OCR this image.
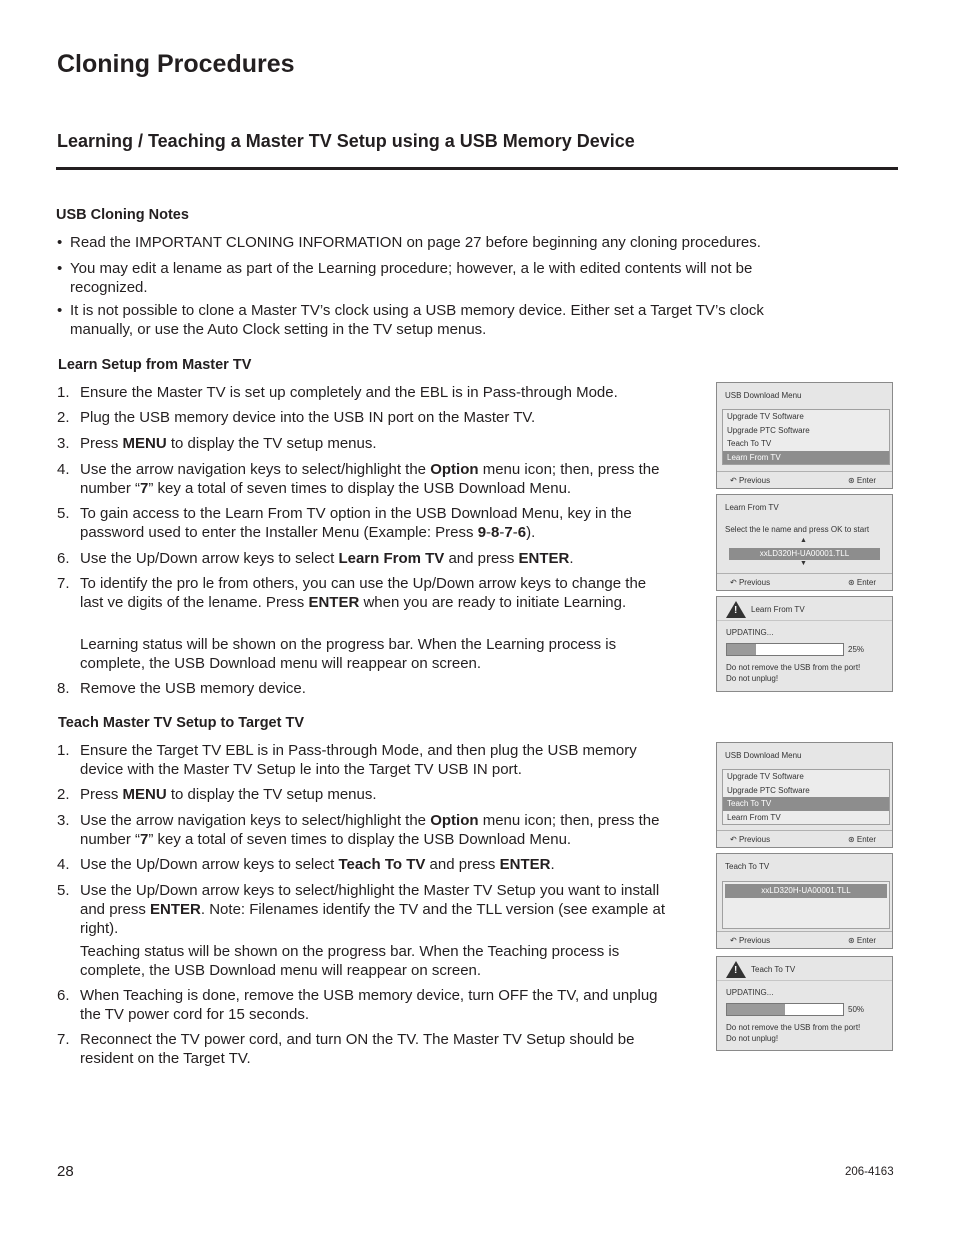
Cloning Procedures
Learning / Teaching a Master TV Setup using a USB Memory Device
USB Cloning Notes
• Read the IMPORTANT CLONING INFORMATION on page 27 before beginning any cloning procedures.
• You may edit a lename as part of the Learning procedure; however, a le with edited contents will not be recognized.
• It is not possible to clone a Master TV’s clock using a USB memory device. Either set a Target TV’s clock manually, or use the Auto Clock setting in the TV setup menus.
Learn Setup from Master TV
1. Ensure the Master TV is set up completely and the EBL is in Pass-through Mode.
2. Plug the USB memory device into the USB IN port on the Master TV.
3. Press MENU to display the TV setup menus.
4. Use the arrow navigation keys to select/highlight the Option menu icon; then, press the number “7” key a total of seven times to display the USB Download Menu.
5. To gain access to the Learn From TV option in the USB Download Menu, key in the password used to enter the Installer Menu (Example: Press 9-8-7-6).
6. Use the Up/Down arrow keys to select Learn From TV and press ENTER.
7. To identify the pro le from others, you can use the Up/Down arrow keys to change the last ve digits of the lename. Press ENTER when you are ready to initiate Learning.
Learning status will be shown on the progress bar. When the Learning process is complete, the USB Download menu will reappear on screen.
8. Remove the USB memory device.
Teach Master TV Setup to Target TV
1. Ensure the Target TV EBL is in Pass-through Mode, and then plug the USB memory device with the Master TV Setup le into the Target TV USB IN port.
2. Press MENU to display the TV setup menus.
3. Use the arrow navigation keys to select/highlight the Option menu icon; then, press the number “7” key a total of seven times to display the USB Download Menu.
4. Use the Up/Down arrow keys to select Teach To TV and press ENTER.
5. Use the Up/Down arrow keys to select/highlight the Master TV Setup you want to install and press ENTER. Note: Filenames identify the TV and the TLL version (see example at right).
Teaching status will be shown on the progress bar. When the Teaching process is complete, the USB Download menu will reappear on screen.
6. When Teaching is done, remove the USB memory device, turn OFF the TV, and unplug the TV power cord for 15 seconds.
7. Reconnect the TV power cord, and turn ON the TV. The Master TV Setup should be resident on the Target TV.
USB Download Menu
Upgrade TV Software
Upgrade PTC Software
Teach To TV
Learn From TV
↶ Previous	⊛ Enter
Learn From TV
Select the le name and press OK to start
▲
xxLD320H-UA00001.TLL
▼
↶ Previous	⊛ Enter
! Learn From TV
UPDATING...
25%
Do not remove the USB from the port!
Do not unplug!
USB Download Menu
Upgrade TV Software
Upgrade PTC Software
Teach To TV
Learn From TV
↶ Previous	⊛ Enter
Teach To TV
xxLD320H-UA00001.TLL
↶ Previous	⊛ Enter
! Teach To TV
UPDATING...
50%
Do not remove the USB from the port!
Do not unplug!
28	206-4163
